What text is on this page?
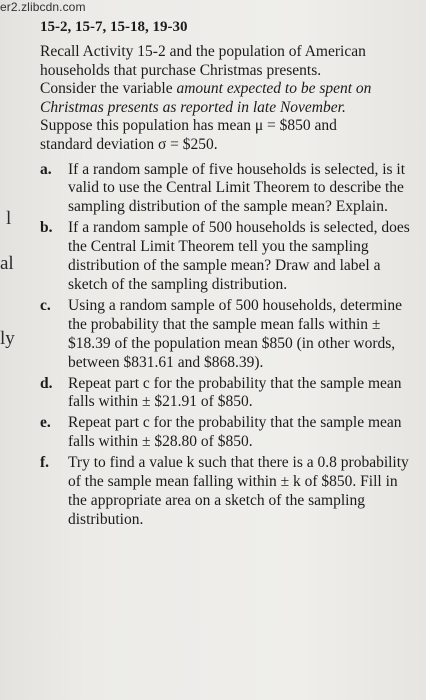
er2.zlibcdn.com
l
al
ly
15-2, 15-7, 15-18, 19-30

Recall Activity 15-2 and the population of American households that purchase Christmas presents. Consider the variable amount expected to be spent on Christmas presents as reported in late November. Suppose this population has mean μ = $850 and standard deviation σ = $250.

a.	If a random sample of five households is selected, is it valid to use the Central Limit Theorem to describe the sampling distribution of the sample mean? Explain.
b.	If a random sample of 500 households is selected, does the Central Limit Theorem tell you the sampling distribution of the sample mean? Draw and label a sketch of the sampling distribution.
c.	Using a random sample of 500 households, determine the probability that the sample mean falls within ± $18.39 of the population mean $850 (in other words, between $831.61 and $868.39).
d.	Repeat part c for the probability that the sample mean falls within ± $21.91 of $850.
e.	Repeat part c for the probability that the sample mean falls within ± $28.80 of $850.
f.	Try to find a value k such that there is a 0.8 probability of the sample mean falling within ± k of $850. Fill in the appropriate area on a sketch of the sampling distribution.
